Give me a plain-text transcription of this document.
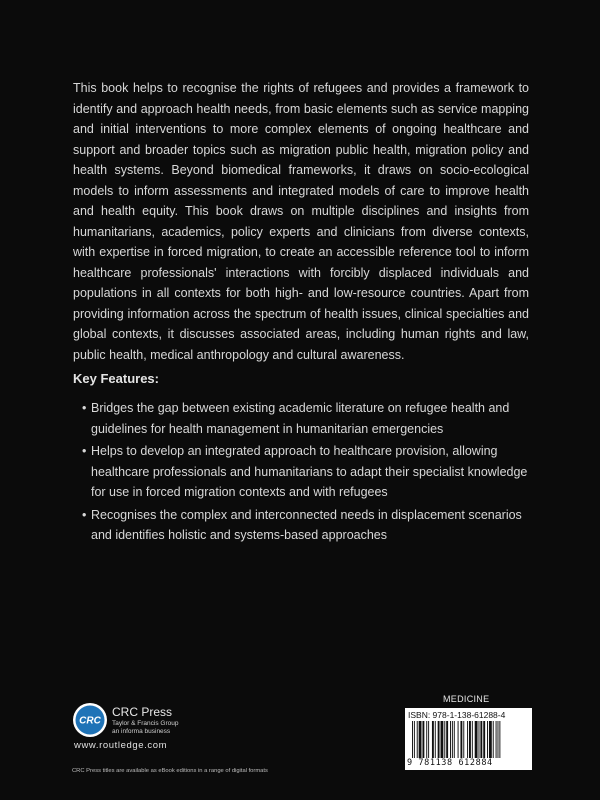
This book helps to recognise the rights of refugees and provides a framework to identify and approach health needs, from basic elements such as service mapping and initial interventions to more complex elements of ongoing healthcare and support and broader topics such as migration public health, migration policy and health systems. Beyond biomedical frameworks, it draws on socio-ecological models to inform assessments and integrated models of care to improve health and health equity. This book draws on multiple disciplines and insights from humanitarians, academics, policy experts and clinicians from diverse contexts, with expertise in forced migration, to create an accessible reference tool to inform healthcare professionals' interactions with forcibly displaced individuals and populations in all contexts for both high- and low-resource countries. Apart from providing information across the spectrum of health issues, clinical specialties and global contexts, it discusses associated areas, including human rights and law, public health, medical anthropology and cultural awareness.

Key Features:
• Bridges the gap between existing academic literature on refugee health and guidelines for health management in humanitarian emergencies
• Helps to develop an integrated approach to healthcare provision, allowing healthcare professionals and humanitarians to adapt their specialist knowledge for use in forced migration contexts and with refugees
• Recognises the complex and interconnected needs in displacement scenarios and identifies holistic and systems-based approaches
CRC
CRC Press
Taylor & Francis Group
an informa business
www.routledge.com
CRC Press titles are available as eBook editions in a range of digital formats
MEDICINE
ISBN: 978-1-138-61288-4
9 781138 612884
